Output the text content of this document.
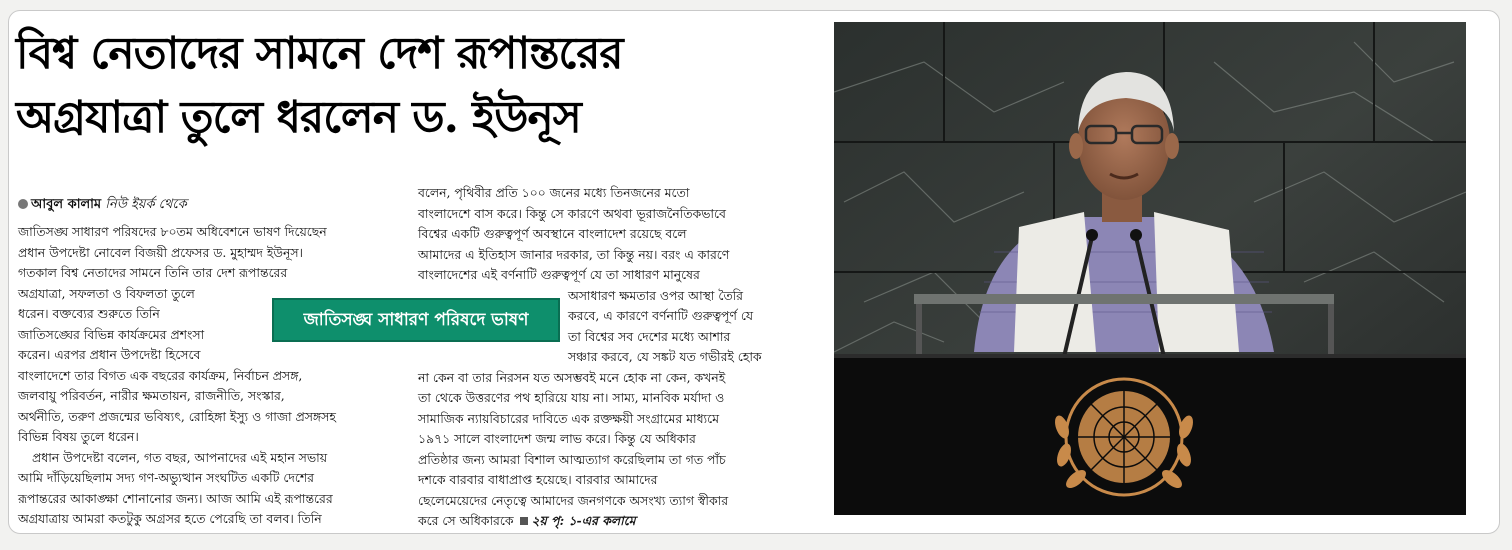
বিশ্ব নেতাদের সামনে দেশ রূপান্তরের
অগ্রযাত্রা তুলে ধরলেন ড. ইউনূস
আবুল কালাম নিউ ইয়র্ক থেকে

জাতিসঙ্ঘ সাধারণ পরিষদের ৮০তম অধিবেশনে ভাষণ দিয়েছেন

প্রধান উপদেষ্টা নোবেল বিজয়ী প্রফেসর ড. মুহাম্মদ ইউনূস।

গতকাল বিশ্ব নেতাদের সামনে তিনি তার দেশ রূপান্তরের

অগ্রযাত্রা, সফলতা ও বিফলতা তুলে

ধরেন। বক্তব্যের শুরুতে তিনি

জাতিসঙ্ঘের বিভিন্ন কার্যক্রমের প্রশংসা

করেন। এরপর প্রধান উপদেষ্টা হিসেবে

বাংলাদেশে তার বিগত এক বছরের কার্যক্রম, নির্বাচন প্রসঙ্গ,

জলবায়ু পরিবর্তন, নারীর ক্ষমতায়ন, রাজনীতি, সংস্কার,

অর্থনীতি, তরুণ প্রজন্মের ভবিষ্যৎ, রোহিঙ্গা ইস্যু ও গাজা প্রসঙ্গসহ

বিভিন্ন বিষয় তুলে ধরেন।

প্রধান উপদেষ্টা বলেন, গত বছর, আপনাদের এই মহান সভায়

আমি দাঁড়িয়েছিলাম সদ্য গণ-অভ্যুত্থান সংঘটিত একটি দেশের

রূপান্তরের আকাঙ্ক্ষা শোনানোর জন্য। আজ আমি এই রূপান্তরের

অগ্রযাত্রায় আমরা কতটুকু অগ্রসর হতে পেরেছি তা বলব। তিনি

বলেন, পৃথিবীর প্রতি ১০০ জনের মধ্যে তিনজনের মতো

বাংলাদেশে বাস করে। কিন্তু সে কারণে অথবা ভূরাজনৈতিকভাবে

বিশ্বের একটি গুরুত্বপূর্ণ অবস্থানে বাংলাদেশ রয়েছে বলে

আমাদের এ ইতিহাস জানার দরকার, তা কিন্তু নয়। বরং এ কারণে

বাংলাদেশের এই বর্ণনাটি গুরুত্বপূর্ণ যে তা সাধারণ মানুষের

অসাধারণ ক্ষমতার ওপর আস্থা তৈরি

করবে, এ কারণে বর্ণনাটি গুরুত্বপূর্ণ যে

তা বিশ্বের সব দেশের মধ্যে আশার

সঞ্চার করবে, যে সঙ্কট যত গভীরই হোক

না কেন বা তার নিরসন যত অসম্ভবই মনে হোক না কেন, কখনই

তা থেকে উত্তরণের পথ হারিয়ে যায় না। সাম্য, মানবিক মর্যাদা ও

সামাজিক ন্যায়বিচারের দাবিতে এক রক্তক্ষয়ী সংগ্রামের মাধ্যমে

১৯৭১ সালে বাংলাদেশ জন্ম লাভ করে। কিন্তু যে অধিকার

প্রতিষ্ঠার জন্য আমরা বিশাল আত্মত্যাগ করেছিলাম তা গত পাঁচ

দশকে বারবার বাধাপ্রাপ্ত হয়েছে। বারবার আমাদের

ছেলেমেয়েদের নেতৃত্বে আমাদের জনগণকে অসংখ্য ত্যাগ স্বীকার

করে সে অধিকারকে ২য় পৃ: ১-এর কলামে

জাতিসঙ্ঘ সাধারণ পরিষদে ভাষণ
